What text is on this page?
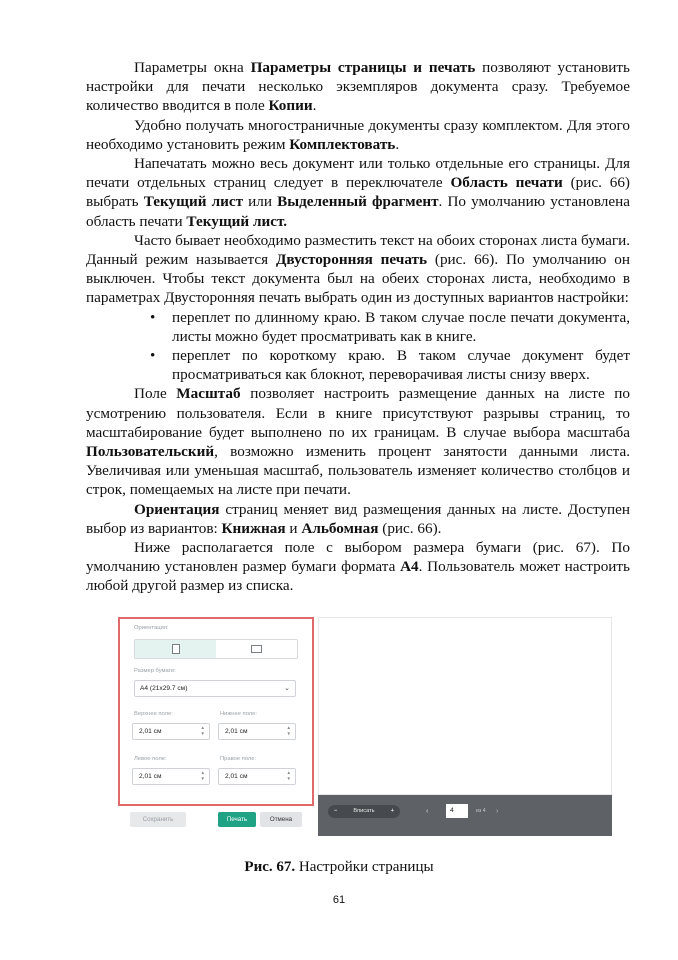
Параметры окна Параметры страницы и печать позволяют установить настройки для печати несколько экземпляров документа сразу. Требуемое количество вводится в поле Копии.

Удобно получать многостраничные документы сразу комплектом. Для этого необходимо установить режим Комплектовать.

Напечатать можно весь документ или только отдельные его страницы. Для печати отдельных страниц следует в переключателе Область печати (рис. 66) выбрать Текущий лист или Выделенный фрагмент. По умолчанию установлена область печати Текущий лист.

Часто бывает необходимо разместить текст на обоих сторонах листа бумаги. Данный режим называется Двусторонняя печать (рис. 66). По умолчанию он выключен. Чтобы текст документа был на обеих сторонах листа, необходимо в параметрах Двусторонняя печать выбрать один из доступных вариантов настройки:

• переплет по длинному краю. В таком случае после печати документа, листы можно будет просматривать как в книге.
• переплет по короткому краю. В таком случае документ будет просматриваться как блокнот, переворачивая листы снизу вверх.

Поле Масштаб позволяет настроить размещение данных на листе по усмотрению пользователя. Если в книге присутствуют разрывы страниц, то масштабирование будет выполнено по их границам. В случае выбора масштаба Пользовательский, возможно изменить процент занятости данными листа. Увеличивая или уменьшая масштаб, пользователь изменяет количество столбцов и строк, помещаемых на листе при печати.

Ориентация страниц меняет вид размещения данных на листе. Доступен выбор из вариантов: Книжная и Альбомная (рис. 66).

Ниже располагается поле с выбором размера бумаги (рис. 67). По умолчанию установлен размер бумаги формата A4. Пользователь может настроить любой другой размер из списка.

Ориентация:
Размер бумаги:
A4 (21x29.7 см)	⌄
Верхнее поле:	Нижнее поле:
2,01 см
▲
▼	2,01 см
▲
▼
Левое поле:	Правое поле:
2,01 см
▲
▼	2,01 см
▲
▼
Сохранить	Печать	Отмена
−	Вписать	+	‹	4	из 4 ›
Рис. 67. Настройки страницы
61
